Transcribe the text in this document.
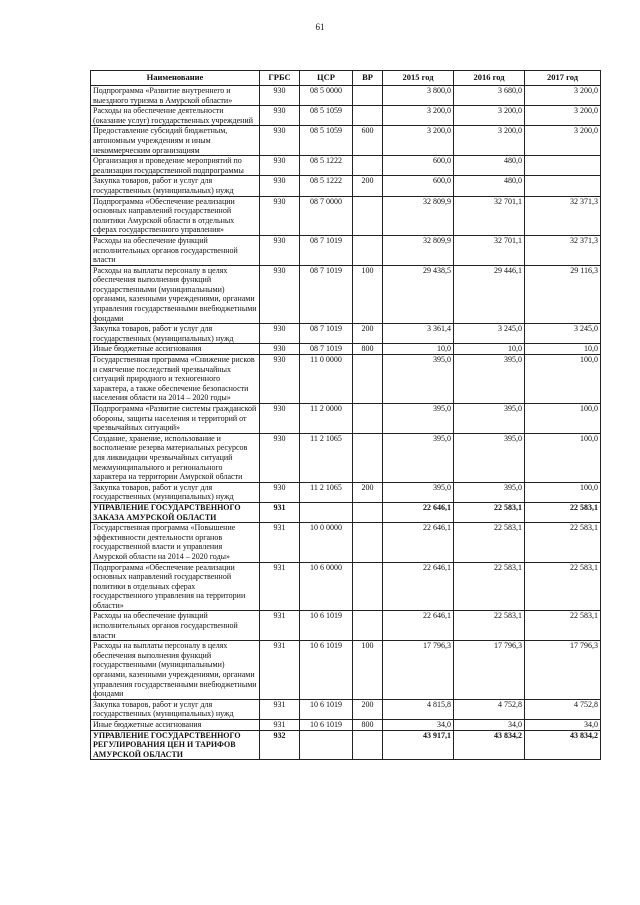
61
Наименование	ГРБС	ЦСР	ВР	2015 год	2016 год	2017 год
Подпрограмма «Развитие внутреннего и выездного туризма в Амурской области»	930	08 5 0000		3 800,0	3 680,0	3 200,0
Расходы на обеспечение деятельности (оказание услуг) государственных учреждений	930	08 5 1059		3 200,0	3 200,0	3 200,0
Предоставление субсидий бюджетным, автономным учреждениям и иным некоммерческим организациям	930	08 5 1059	600	3 200,0	3 200,0	3 200,0
Организация и проведение мероприятий по реализации государственной подпрограммы	930	08 5 1222		600,0	480,0	
Закупка товаров, работ и услуг для государственных (муниципальных) нужд	930	08 5 1222	200	600,0	480,0	
Подпрограмма «Обеспечение реализации основных направлений государственной политики Амурской области в отдельных сферах государственного управления»	930	08 7 0000		32 809,9	32 701,1	32 371,3
Расходы на обеспечение функций исполнительных органов государственной власти	930	08 7 1019		32 809,9	32 701,1	32 371,3
Расходы на выплаты персоналу в целях обеспечения выполнения функций государственными (муниципальными) органами, казенными учреждениями, органами управления государственными внебюджетными фондами	930	08 7 1019	100	29 438,5	29 446,1	29 116,3
Закупка товаров, работ и услуг для государственных (муниципальных) нужд	930	08 7 1019	200	3 361,4	3 245,0	3 245,0
Иные бюджетные ассигнования	930	08 7 1019	800	10,0	10,0	10,0
Государственная программа «Снижение рисков и смягчение последствий чрезвычайных ситуаций природного и техногенного характера, а также обеспечение безопасности населения области на 2014 – 2020 годы»	930	11 0 0000		395,0	395,0	100,0
Подпрограмма «Развитие системы гражданской обороны, защиты населения и территорий от чрезвычайных ситуаций»	930	11 2 0000		395,0	395,0	100,0
Создание, хранение, использование и восполнение резерва материальных ресурсов для ликвидации чрезвычайных ситуаций межмуниципального и регионального характера на территории Амурской области	930	11 2 1065		395,0	395,0	100,0
Закупка товаров, работ и услуг для государственных (муниципальных) нужд	930	11 2 1065	200	395,0	395,0	100,0
УПРАВЛЕНИЕ ГОСУДАРСТВЕННОГО ЗАКАЗА АМУРСКОЙ ОБЛАСТИ	931			22 646,1	22 583,1	22 583,1
Государственная программа «Повышение эффективности деятельности органов государственной власти и управления Амурской области на 2014 – 2020 годы»	931	10 0 0000		22 646,1	22 583,1	22 583,1
Подпрограмма «Обеспечение реализации основных направлений государственной политики в отдельных сферах государственного управления на территории области»	931	10 6 0000		22 646,1	22 583,1	22 583,1
Расходы на обеспечение функций исполнительных органов государственной власти	931	10 6 1019		22 646,1	22 583,1	22 583,1
Расходы на выплаты персоналу в целях обеспечения выполнения функций государственными (муниципальными) органами, казенными учреждениями, органами управления государственными внебюджетными фондами	931	10 6 1019	100	17 796,3	17 796,3	17 796,3
Закупка товаров, работ и услуг для государственных (муниципальных) нужд	931	10 6 1019	200	4 815,8	4 752,8	4 752,8
Иные бюджетные ассигнования	931	10 6 1019	800	34,0	34,0	34,0
УПРАВЛЕНИЕ ГОСУДАРСТВЕННОГО РЕГУЛИРОВАНИЯ ЦЕН И ТАРИФОВ АМУРСКОЙ ОБЛАСТИ	932			43 917,1	43 834,2	43 834,2
